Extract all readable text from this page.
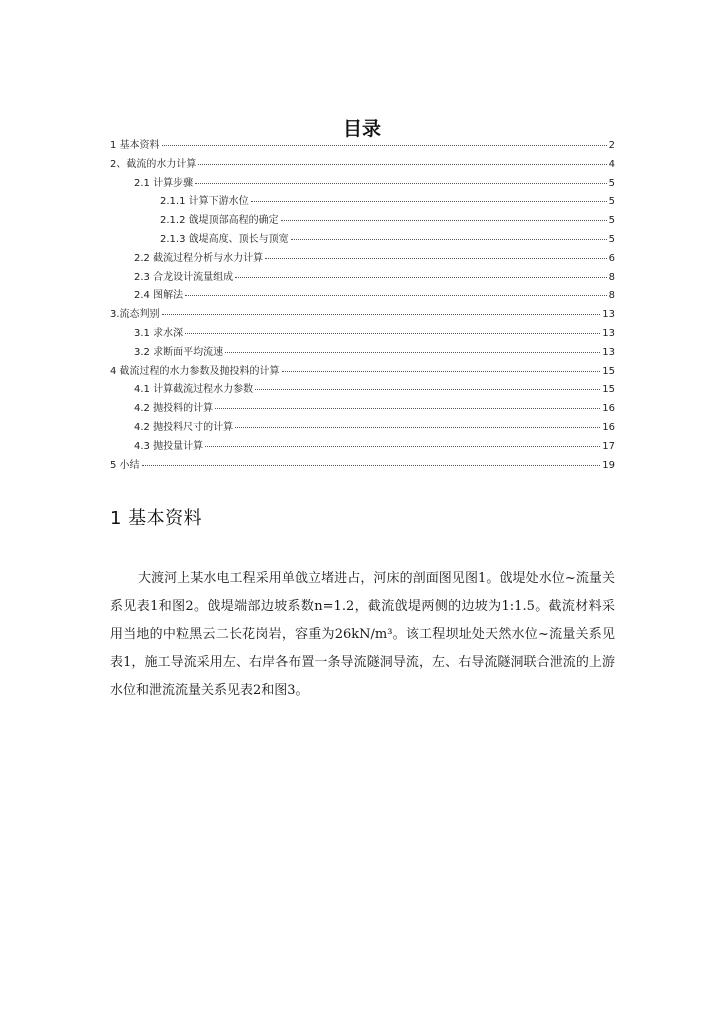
目录
1 基本资料	2
2、截流的水力计算	4
2.1 计算步骤	5
2.1.1 计算下游水位	5
2.1.2 戗堤顶部高程的确定	5
2.1.3 戗堤高度、顶长与顶宽	5
2.2 截流过程分析与水力计算	6
2.3 合龙设计流量组成	8
2.4 图解法	8
3.流态判别	13
3.1 求水深	13
3.2 求断面平均流速	13
4 截流过程的水力参数及抛投料的计算	15
4.1 计算截流过程水力参数	15
4.2 抛投料的计算	16
4.2 抛投料尺寸的计算	16
4.3 抛投量计算	17
5 小结	19
1 基本资料

大渡河上某水电工程采用单戗立堵进占，河床的剖面图见图1。戗堤处水位~流量关系见表1和图2。戗堤端部边坡系数n=1.2，截流戗堤两侧的边坡为1:1.5。截流材料采用当地的中粒黑云二长花岗岩，容重为26kN/m³。该工程坝址处天然水位~流量关系见表1，施工导流采用左、右岸各布置一条导流隧洞导流，左、右导流隧洞联合泄流的上游水位和泄流流量关系见表2和图3。
